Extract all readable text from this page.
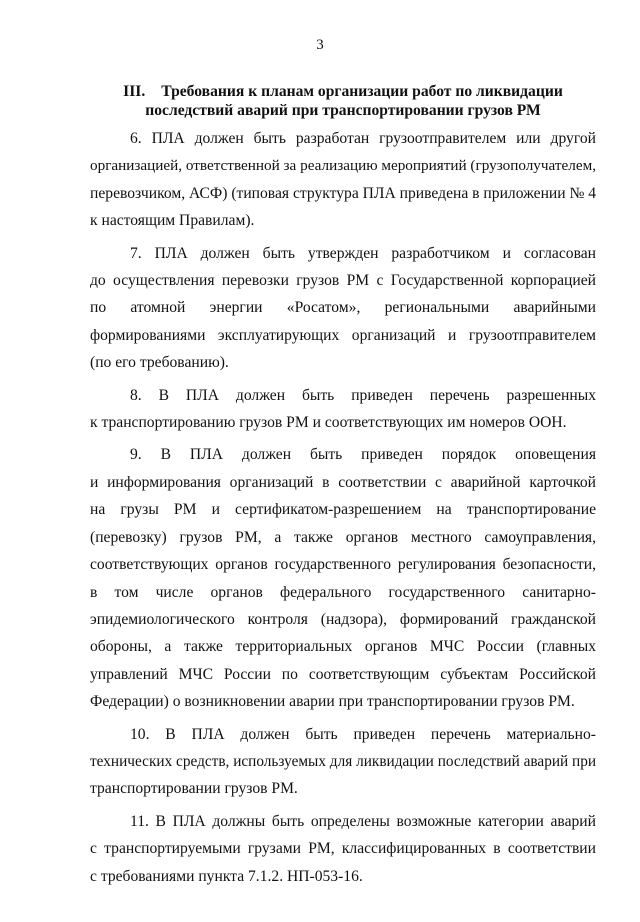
3
III. Требования к планам организации работ по ликвидации
последствий аварий при транспортировании грузов РМ

6. ПЛА должен быть разработан грузоотправителем или другой
организацией, ответственной за реализацию мероприятий (грузополучателем,
перевозчиком, АСФ) (типовая структура ПЛА приведена в приложении № 4
к настоящим Правилам).

7. ПЛА должен быть утвержден разработчиком и согласован
до осуществления перевозки грузов РМ с Государственной корпорацией
по атомной энергии «Росатом», региональными аварийными
формированиями эксплуатирующих организаций и грузоотправителем
(по его требованию).

8. В ПЛА должен быть приведен перечень разрешенных
к транспортированию грузов РМ и соответствующих им номеров ООН.

9. В ПЛА должен быть приведен порядок оповещения
и информирования организаций в соответствии с аварийной карточкой
на грузы РМ и сертификатом-разрешением на транспортирование
(перевозку) грузов РМ, а также органов местного самоуправления,
соответствующих органов государственного регулирования безопасности,
в том числе органов федерального государственного санитарно-
эпидемиологического контроля (надзора), формирований гражданской
обороны, а также территориальных органов МЧС России (главных
управлений МЧС России по соответствующим субъектам Российской
Федерации) о возникновении аварии при транспортировании грузов РМ.

10. В ПЛА должен быть приведен перечень материально-
технических средств, используемых для ликвидации последствий аварий при
транспортировании грузов РМ.

11. В ПЛА должны быть определены возможные категории аварий
с транспортируемыми грузами РМ, классифицированных в соответствии
с требованиями пункта 7.1.2. НП-053-16.
